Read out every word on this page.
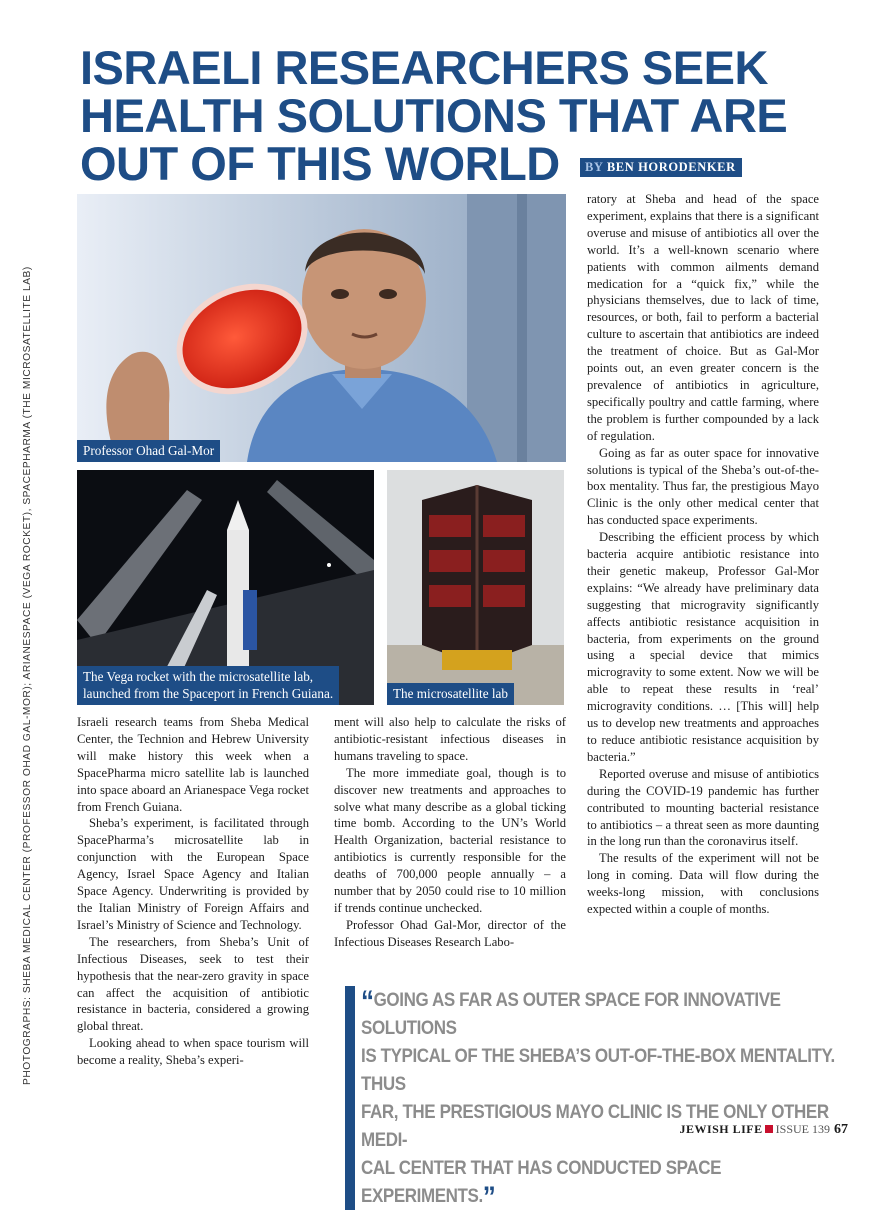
PHOTOGRAPHS: SHEBA MEDICAL CENTER (PROFESSOR OHAD GAL-MOR); ARIANESPACE (VEGA ROCKET), SPACEPHARMA (THE MICROSATELLITE LAB)
ISRAELI RESEARCHERS SEEK
HEALTH SOLUTIONS THAT ARE
OUT OF THIS WORLD	BY BEN HORODENKER
Professor Ohad Gal-Mor
The Vega rocket with the microsatellite lab,
launched from the Spaceport in French Guiana.	The microsatellite lab

Israeli research teams from Sheba Medical Center, the Technion and Hebrew University will make history this week when a SpacePharma micro satellite lab is launched into space aboard an Arianespace Vega rocket from French Guiana.

Sheba’s experiment, is facilitated through SpacePharma’s microsatellite lab in conjunction with the European Space Agency, Israel Space Agency and Italian Space Agency. Underwriting is provided by the Italian Ministry of Foreign Affairs and Israel’s Ministry of Science and Technology.

The researchers, from Sheba’s Unit of Infectious Diseases, seek to test their hypothesis that the near-zero gravity in space can affect the acquisition of antibiotic resistance in bacteria, considered a growing global threat.

Looking ahead to when space tourism will become a reality, Sheba’s experi-

ment will also help to calculate the risks of antibiotic-resistant infectious diseases in humans traveling to space.

The more immediate goal, though is to discover new treatments and approaches to solve what many describe as a global ticking time bomb. According to the UN’s World Health Organization, bacterial resistance to antibiotics is currently responsible for the deaths of 700,000 people annually – a number that by 2050 could rise to 10 million if trends continue unchecked.

Professor Ohad Gal-Mor, director of the Infectious Diseases Research Labo-

ratory at Sheba and head of the space experiment, explains that there is a significant overuse and misuse of antibiotics all over the world. It’s a well-known scenario where patients with common ailments demand medication for a “quick fix,” while the physicians themselves, due to lack of time, resources, or both, fail to perform a bacterial culture to ascertain that antibiotics are indeed the treatment of choice. But as Gal-Mor points out, an even greater concern is the prevalence of antibiotics in agriculture, specifically poultry and cattle farming, where the problem is further compounded by a lack of regulation.

Going as far as outer space for innovative solutions is typical of the Sheba’s out-of-the-box mentality. Thus far, the prestigious Mayo Clinic is the only other medical center that has conducted space experiments.

Describing the efficient process by which bacteria acquire antibiotic resistance into their genetic makeup, Professor Gal-Mor explains: “We already have preliminary data suggesting that microgravity significantly affects antibiotic resistance acquisition in bacteria, from experiments on the ground using a special device that mimics microgravity to some extent. Now we will be able to repeat these results in ‘real’ microgravity conditions. … [This will] help us to develop new treatments and approaches to reduce antibiotic resistance acquisition by bacteria.”

Reported overuse and misuse of antibiotics during the COVID-19 pandemic has further contributed to mounting bacterial resistance to antibiotics – a threat seen as more daunting in the long run than the coronavirus itself.

The results of the experiment will not be long in coming. Data will flow during the weeks-long mission, with conclusions expected within a couple of months.

“GOING AS FAR AS OUTER SPACE FOR INNOVATIVE SOLUTIONS
IS TYPICAL OF THE SHEBA’S OUT-OF-THE-BOX MENTALITY. THUS
FAR, THE PRESTIGIOUS MAYO CLINIC IS THE ONLY OTHER MEDI-
CAL CENTER THAT HAS CONDUCTED SPACE EXPERIMENTS.”
JEWISH LIFE ISSUE 139 67
